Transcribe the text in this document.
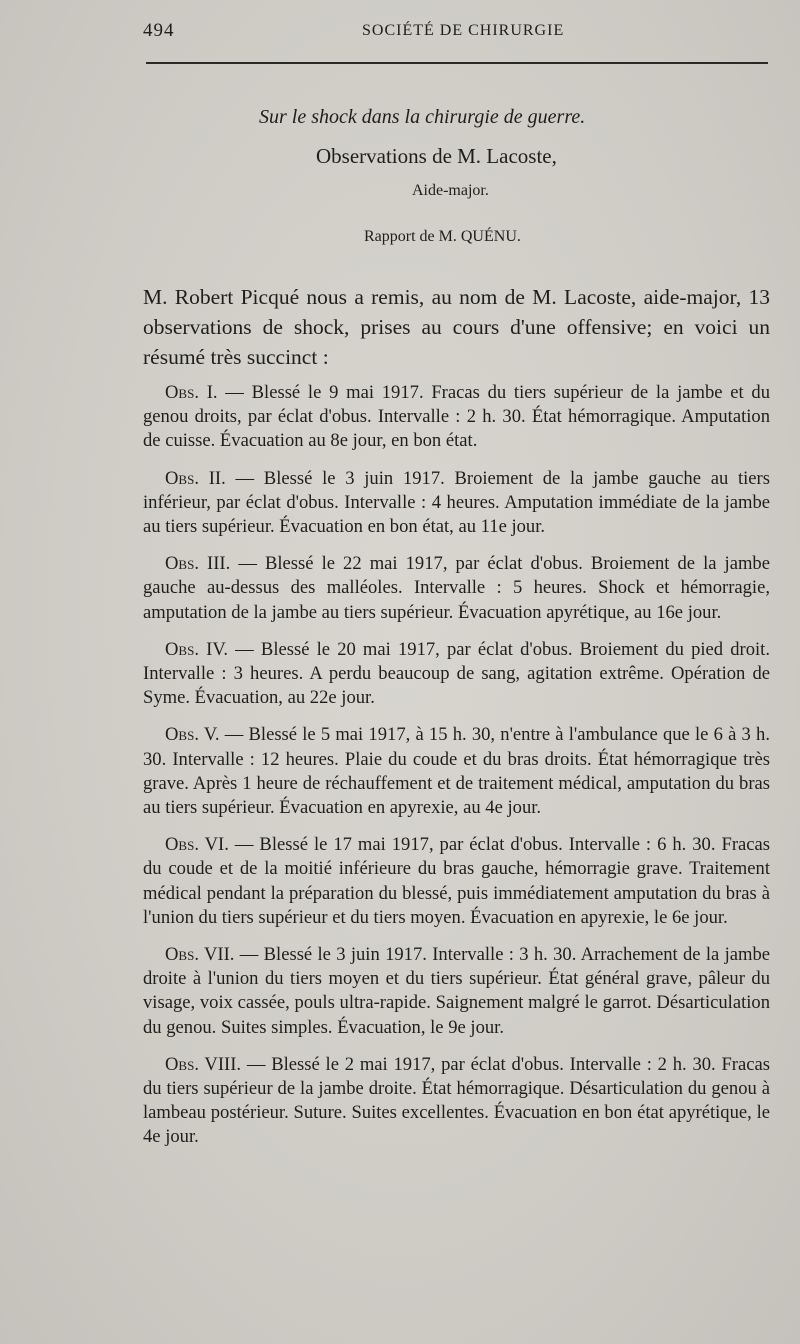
494	SOCIÉTÉ DE CHIRURGIE
Sur le shock dans la chirurgie de guerre.
Observations de M. Lacoste,
Aide-major.
Rapport de M. QUÉNU.

M. Robert Picqué nous a remis, au nom de M. Lacoste, aide-major, 13 observations de shock, prises au cours d'une offensive; en voici un résumé très succinct :

Obs. I. — Blessé le 9 mai 1917. Fracas du tiers supérieur de la jambe et du genou droits, par éclat d'obus. Intervalle : 2 h. 30. État hémorragique. Amputation de cuisse. Évacuation au 8e jour, en bon état.

Obs. II. — Blessé le 3 juin 1917. Broiement de la jambe gauche au tiers inférieur, par éclat d'obus. Intervalle : 4 heures. Amputation immédiate de la jambe au tiers supérieur. Évacuation en bon état, au 11e jour.

Obs. III. — Blessé le 22 mai 1917, par éclat d'obus. Broiement de la jambe gauche au-dessus des malléoles. Intervalle : 5 heures. Shock et hémorragie, amputation de la jambe au tiers supérieur. Évacuation apyrétique, au 16e jour.

Obs. IV. — Blessé le 20 mai 1917, par éclat d'obus. Broiement du pied droit. Intervalle : 3 heures. A perdu beaucoup de sang, agitation extrême. Opération de Syme. Évacuation, au 22e jour.

Obs. V. — Blessé le 5 mai 1917, à 15 h. 30, n'entre à l'ambulance que le 6 à 3 h. 30. Intervalle : 12 heures. Plaie du coude et du bras droits. État hémorragique très grave. Après 1 heure de réchauffement et de traitement médical, amputation du bras au tiers supérieur. Évacuation en apyrexie, au 4e jour.

Obs. VI. — Blessé le 17 mai 1917, par éclat d'obus. Intervalle : 6 h. 30. Fracas du coude et de la moitié inférieure du bras gauche, hémorragie grave. Traitement médical pendant la préparation du blessé, puis immédiatement amputation du bras à l'union du tiers supérieur et du tiers moyen. Évacuation en apyrexie, le 6e jour.

Obs. VII. — Blessé le 3 juin 1917. Intervalle : 3 h. 30. Arrachement de la jambe droite à l'union du tiers moyen et du tiers supérieur. État général grave, pâleur du visage, voix cassée, pouls ultra-rapide. Saignement malgré le garrot. Désarticulation du genou. Suites simples. Évacuation, le 9e jour.

Obs. VIII. — Blessé le 2 mai 1917, par éclat d'obus. Intervalle : 2 h. 30. Fracas du tiers supérieur de la jambe droite. État hémorragique. Désarticulation du genou à lambeau postérieur. Suture. Suites excellentes. Évacuation en bon état apyrétique, le 4e jour.
